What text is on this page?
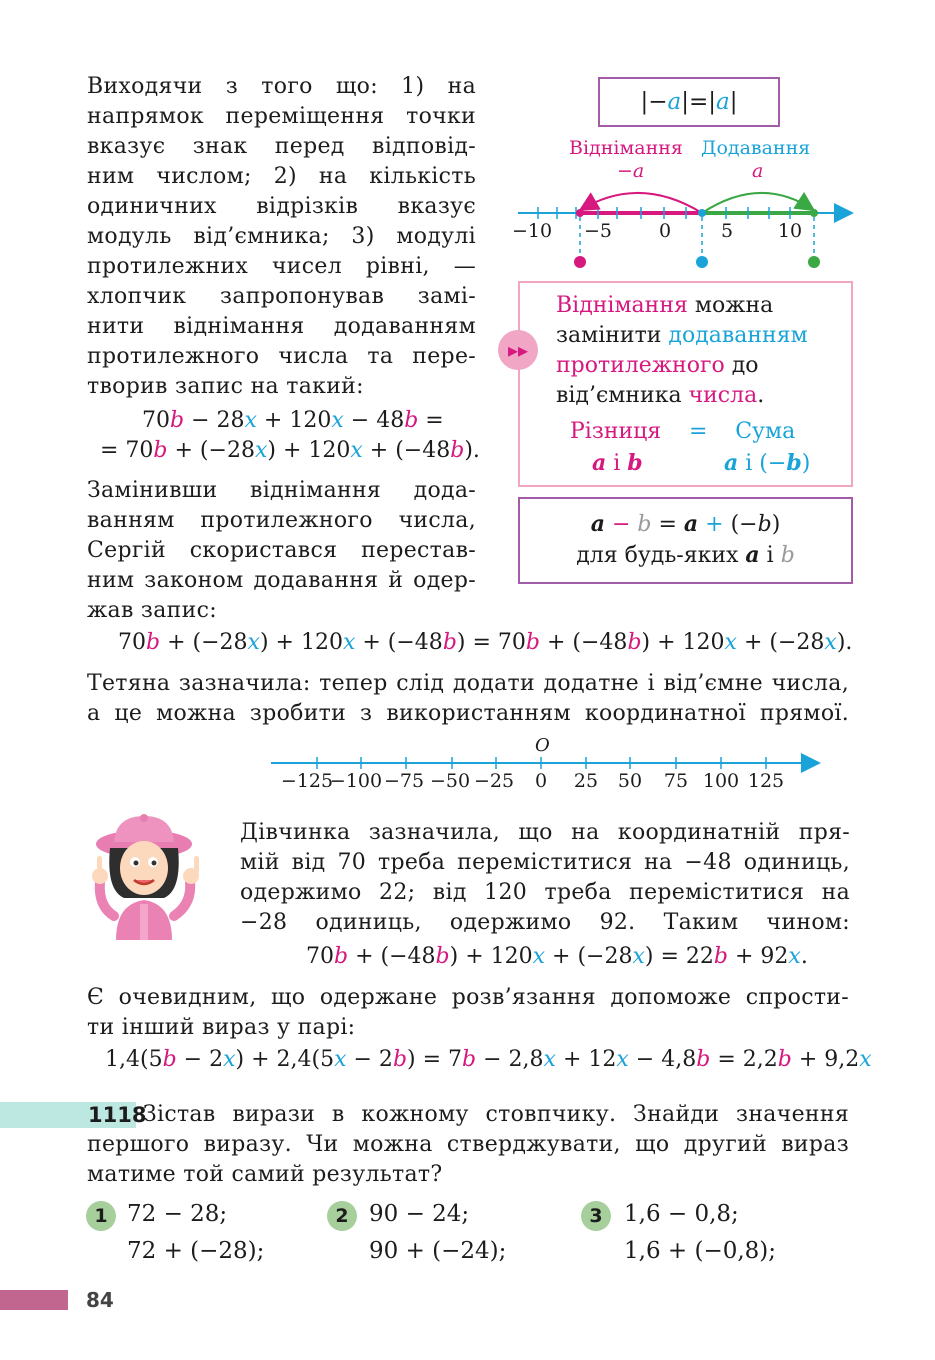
Виходячи з того що: 1) на
напрямок переміщення точки
вказує знак перед відповід-
ним числом; 2) на кількість
одиничних відрізків вказує
модуль від’ємника; 3) модулі
протилежних чисел рівні, —
хлопчик запропонував замі-
нити віднімання додаванням
протилежного числа та пере-
творив запис на такий:
70b − 28x + 120x − 48b =
= 70b + (−28x) + 120x + (−48b).
Замінивши віднімання дода-
ванням протилежного числа,
Сергій скористався перестав-
ним законом додавання й одер-
жав запис:
|−a|=|a|
Віднімання Додавання
−a	a
−10 −5 0	5 10
▸▸
Віднімання можна
замінити додаванням
протилежного до
від’ємника числа.
Різниця = Сума
a і b	a і (−b)
a − b = a + (−b)
для будь-яких a і b
70b + (−28x) + 120x + (−48b) = 70b + (−48b) + 120x + (−28x).
Тетяна зазначила: тепер слід додати додатне і від’ємне числа,
а це можна зробити з використанням координатної прямої.
O
−125
−100 −75 −50 −25 0 25 50 75 100 125
Дівчинка зазначила, що на координатній пря-
мій від 70 треба переміститися на −48 одиниць,
одержимо 22; від 120 треба переміститися на
−28 одиниць, одержимо 92. Таким чином:
70b + (−48b) + 120x + (−28x) = 22b + 92x.
Є очевидним, що одержане розв’язання допоможе спрости-
ти інший вираз у парі:
1,4(5b − 2x) + 2,4(5x − 2b) = 7b − 2,8x + 12x − 4,8b = 2,2b + 9,2x
1118
Зістав вирази в кожному стовпчику. Знайди значення
першого виразу. Чи можна стверджувати, що другий вираз
матиме той самий результат?
1 72 − 28;
72 + (−28);
2 90 − 24;
90 + (−24);
3 1,6 − 0,8;
1,6 + (−0,8);
84
